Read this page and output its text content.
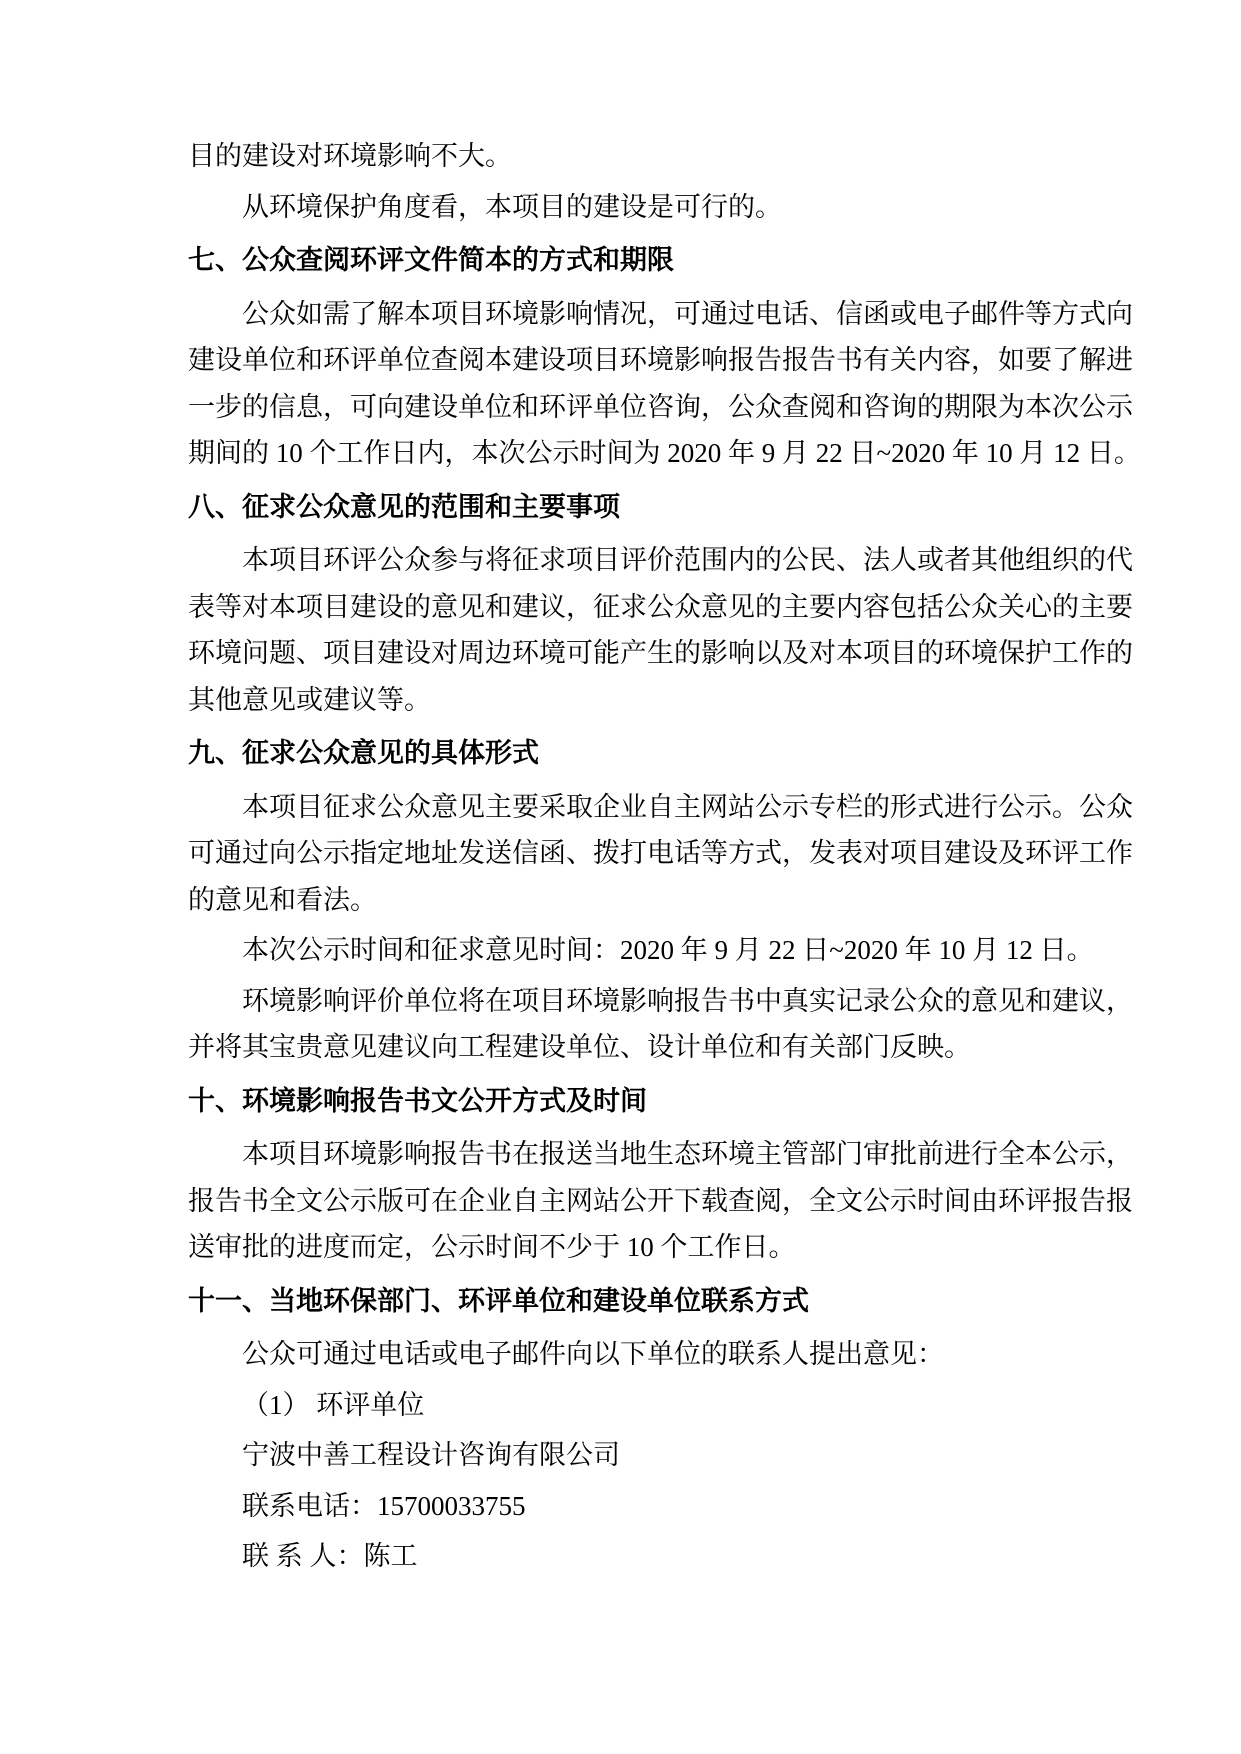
目的建设对环境影响不大。
从环境保护角度看，本项目的建设是可行的。
七、公众查阅环评文件简本的方式和期限
公众如需了解本项目环境影响情况，可通过电话、信函或电子邮件等方式向
建设单位和环评单位查阅本建设项目环境影响报告报告书有关内容，如要了解进
一步的信息，可向建设单位和环评单位咨询，公众查阅和咨询的期限为本次公示
期间的 10 个工作日内，本次公示时间为 2020 年 9 月 22 日~2020 年 10 月 12 日。
八、征求公众意见的范围和主要事项
本项目环评公众参与将征求项目评价范围内的公民、法人或者其他组织的代
表等对本项目建设的意见和建议，征求公众意见的主要内容包括公众关心的主要
环境问题、项目建设对周边环境可能产生的影响以及对本项目的环境保护工作的
其他意见或建议等。
九、征求公众意见的具体形式
本项目征求公众意见主要采取企业自主网站公示专栏的形式进行公示。公众
可通过向公示指定地址发送信函、拨打电话等方式，发表对项目建设及环评工作
的意见和看法。
本次公示时间和征求意见时间：2020 年 9 月 22 日~2020 年 10 月 12 日。
环境影响评价单位将在项目环境影响报告书中真实记录公众的意见和建议，
并将其宝贵意见建议向工程建设单位、设计单位和有关部门反映。
十、环境影响报告书文公开方式及时间
本项目环境影响报告书在报送当地生态环境主管部门审批前进行全本公示，
报告书全文公示版可在企业自主网站公开下载查阅，全文公示时间由环评报告报
送审批的进度而定，公示时间不少于 10 个工作日。
十一、当地环保部门、环评单位和建设单位联系方式
公众可通过电话或电子邮件向以下单位的联系人提出意见：
（1） 环评单位
宁波中善工程设计咨询有限公司
联系电话：15700033755
联 系 人：陈工
